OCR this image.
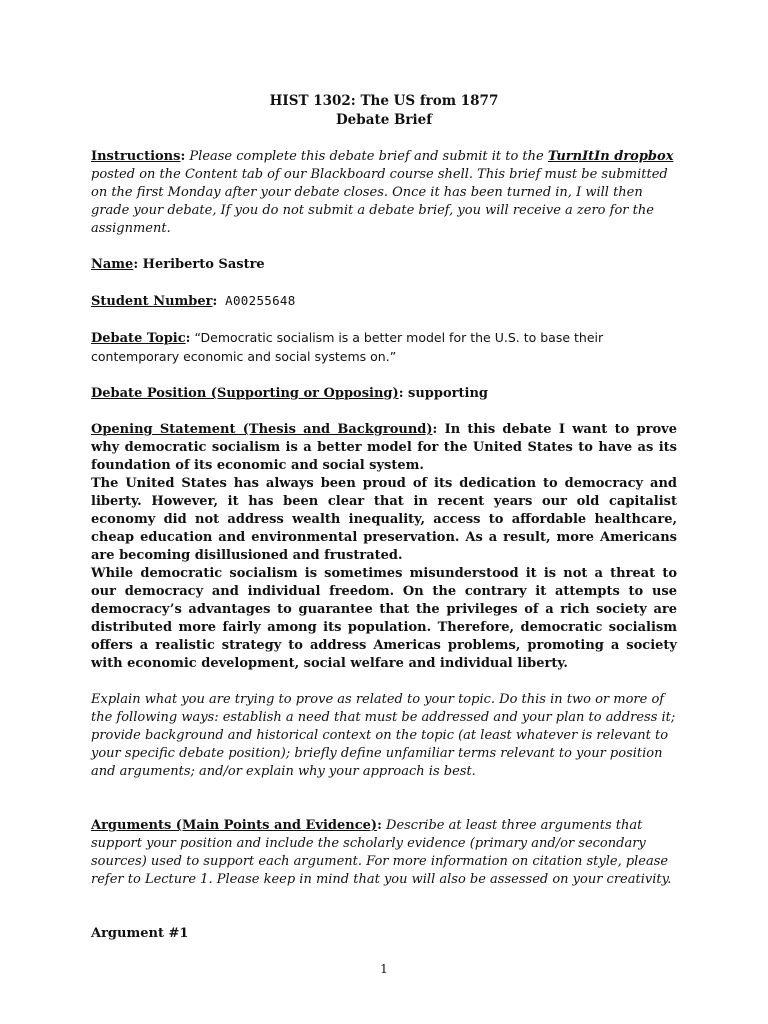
HIST 1302: The US from 1877
Debate Brief

Instructions: Please complete this debate brief and submit it to the TurnItIn dropbox posted on the Content tab of our Blackboard course shell. This brief must be submitted on the first Monday after your debate closes. Once it has been turned in, I will then grade your debate, If you do not submit a debate brief, you will receive a zero for the assignment.

Name: Heriberto Sastre

Student Number: A00255648

Debate Topic: “Democratic socialism is a better model for the U.S. to base their contemporary economic and social systems on.”

Debate Position (Supporting or Opposing): supporting

Opening Statement (Thesis and Background): In this debate I want to prove why democratic socialism is a better model for the United States to have as its foundation of its economic and social system.

The United States has always been proud of its dedication to democracy and liberty. However, it has been clear that in recent years our old capitalist economy did not address wealth inequality, access to affordable healthcare, cheap education and environmental preservation. As a result, more Americans are becoming disillusioned and frustrated.

While democratic socialism is sometimes misunderstood it is not a threat to our democracy and individual freedom. On the contrary it attempts to use democracy’s advantages to guarantee that the privileges of a rich society are distributed more fairly among its population. Therefore, democratic socialism offers a realistic strategy to address Americas problems, promoting a society with economic development, social welfare and individual liberty.

Explain what you are trying to prove as related to your topic. Do this in two or more of the following ways: establish a need that must be addressed and your plan to address it; provide background and historical context on the topic (at least whatever is relevant to your specific debate position); briefly define unfamiliar terms relevant to your position and arguments; and/or explain why your approach is best.

Arguments (Main Points and Evidence): Describe at least three arguments that support your position and include the scholarly evidence (primary and/or secondary sources) used to support each argument. For more information on citation style, please refer to Lecture 1. Please keep in mind that you will also be assessed on your creativity.

Argument #1

1
